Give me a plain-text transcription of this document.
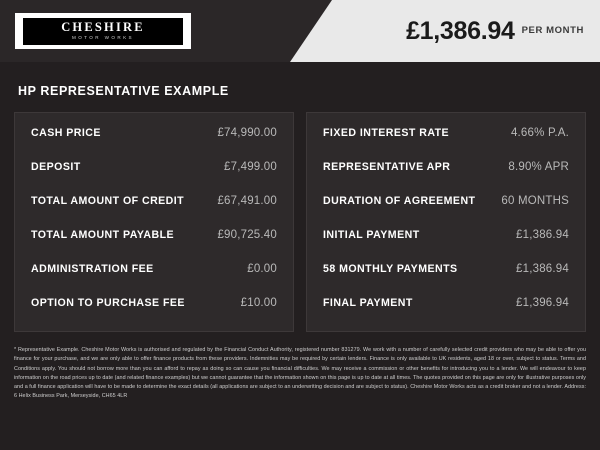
CHESHIRE
MOTOR WORKS	£1,386.94 PER MONTH
HP REPRESENTATIVE EXAMPLE
CASH PRICE	£74,990.00
DEPOSIT	£7,499.00
TOTAL AMOUNT OF CREDIT	£67,491.00
TOTAL AMOUNT PAYABLE	£90,725.40
ADMINISTRATION FEE	£0.00
OPTION TO PURCHASE FEE	£10.00
FIXED INTEREST RATE	4.66% P.A.
REPRESENTATIVE APR	8.90% APR
DURATION OF AGREEMENT 60 MONTHS
INITIAL PAYMENT	£1,386.94
58 MONTHLY PAYMENTS	£1,386.94
FINAL PAYMENT	£1,396.94
* Representative Example. Cheshire Motor Works is authorised and regulated by the Financial Conduct Authority, registered number 831279. We work with a number of carefully selected credit providers who may be able to offer you finance for your purchase, and we are only able to offer finance products from these providers. Indemnities may be required by certain lenders. Finance is only available to UK residents, aged 18 or over, subject to status. Terms and Conditions apply. You should not borrow more than you can afford to repay as doing so can cause you financial difficulties. We may receive a commission or other benefits for introducing you to a lender. We will endeavour to keep information on the road prices up to date (and related finance examples) but we cannot guarantee that the information shown on this page is up to date at all times. The quotes provided on this page are only for illustrative purposes only and a full finance application will have to be made to determine the exact details (all applications are subject to an underwriting decision and are subject to status). Cheshire Motor Works acts as a credit broker and not a lender. Address: 6 Helix Business Park, Merseyside, CH65 4LR
